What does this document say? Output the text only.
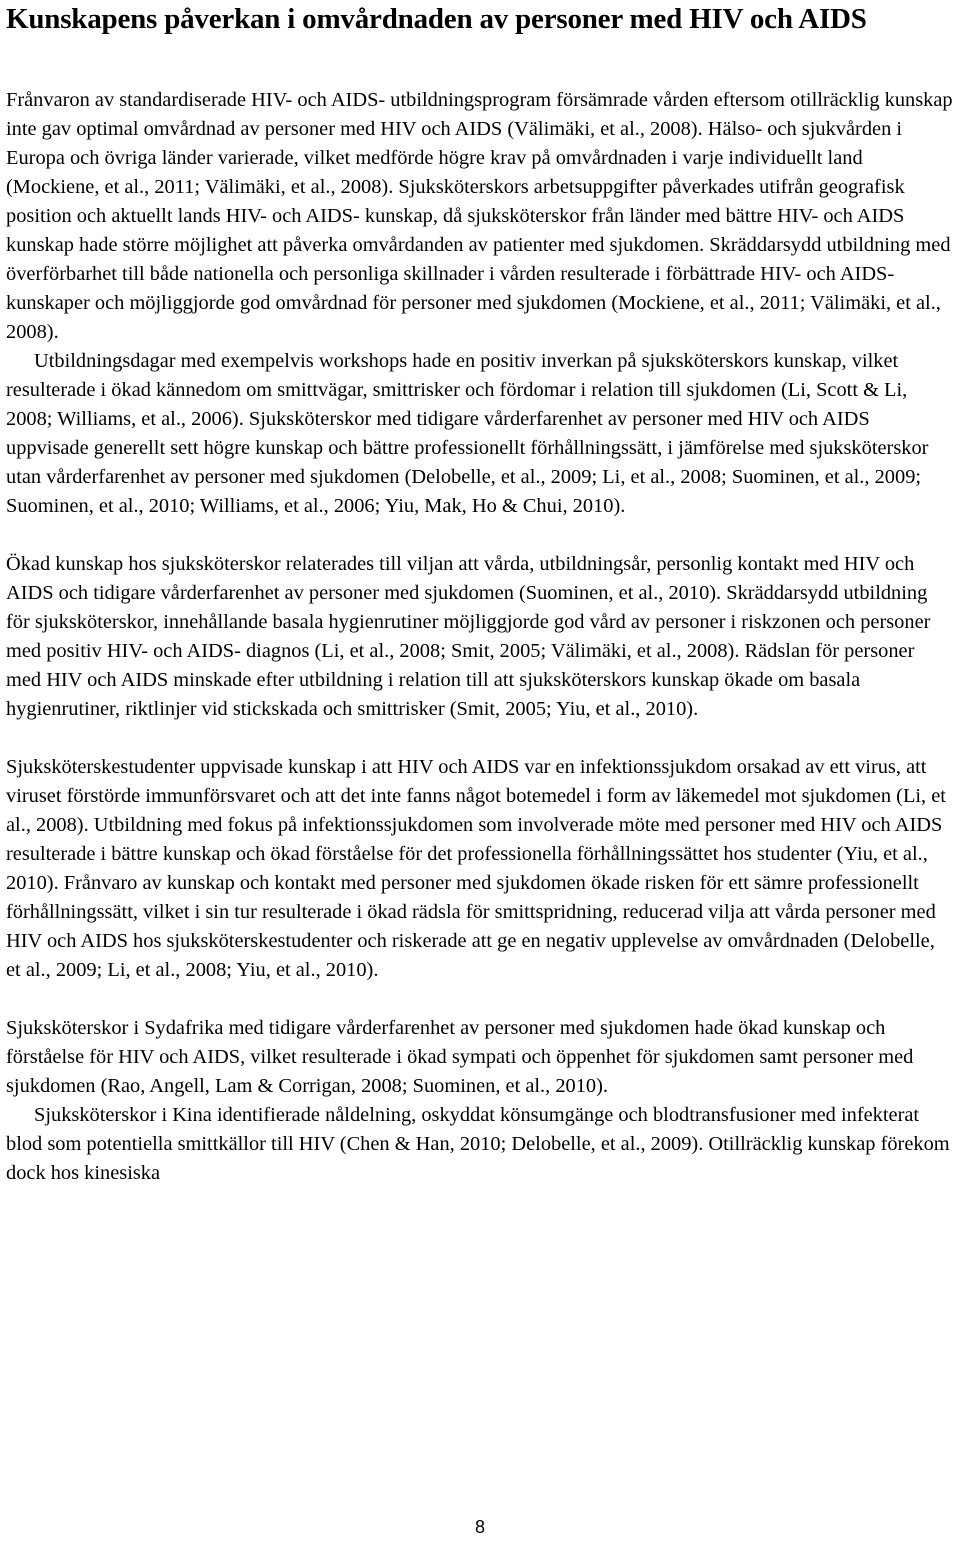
Kunskapens påverkan i omvårdnaden av personer med HIV och AIDS

Frånvaron av standardiserade HIV- och AIDS- utbildningsprogram försämrade vården eftersom otillräcklig kunskap inte gav optimal omvårdnad av personer med HIV och AIDS (Välimäki, et al., 2008). Hälso- och sjukvården i Europa och övriga länder varierade, vilket medförde högre krav på omvårdnaden i varje individuellt land (Mockiene, et al., 2011; Välimäki, et al., 2008). Sjuksköterskors arbetsuppgifter påverkades utifrån geografisk position och aktuellt lands HIV- och AIDS- kunskap, då sjuksköterskor från länder med bättre HIV- och AIDS kunskap hade större möjlighet att påverka omvårdanden av patienter med sjukdomen. Skräddarsydd utbildning med överförbarhet till både nationella och personliga skillnader i vården resulterade i förbättrade HIV- och AIDS- kunskaper och möjliggjorde god omvårdnad för personer med sjukdomen (Mockiene, et al., 2011; Välimäki, et al., 2008).

Utbildningsdagar med exempelvis workshops hade en positiv inverkan på sjuksköterskors kunskap, vilket resulterade i ökad kännedom om smittvägar, smittrisker och fördomar i relation till sjukdomen (Li, Scott & Li, 2008; Williams, et al., 2006). Sjuksköterskor med tidigare vårderfarenhet av personer med HIV och AIDS uppvisade generellt sett högre kunskap och bättre professionellt förhållningssätt, i jämförelse med sjuksköterskor utan vårderfarenhet av personer med sjukdomen (Delobelle, et al., 2009; Li, et al., 2008; Suominen, et al., 2009; Suominen, et al., 2010; Williams, et al., 2006; Yiu, Mak, Ho & Chui, 2010).

Ökad kunskap hos sjuksköterskor relaterades till viljan att vårda, utbildningsår, personlig kontakt med HIV och AIDS och tidigare vårderfarenhet av personer med sjukdomen (Suominen, et al., 2010). Skräddarsydd utbildning för sjuksköterskor, innehållande basala hygienrutiner möjliggjorde god vård av personer i riskzonen och personer med positiv HIV- och AIDS- diagnos (Li, et al., 2008; Smit, 2005; Välimäki, et al., 2008). Rädslan för personer med HIV och AIDS minskade efter utbildning i relation till att sjuksköterskors kunskap ökade om basala hygienrutiner, riktlinjer vid stickskada och smittrisker (Smit, 2005; Yiu, et al., 2010).

Sjuksköterskestudenter uppvisade kunskap i att HIV och AIDS var en infektionssjukdom orsakad av ett virus, att viruset förstörde immunförsvaret och att det inte fanns något botemedel i form av läkemedel mot sjukdomen (Li, et al., 2008). Utbildning med fokus på infektionssjukdomen som involverade möte med personer med HIV och AIDS resulterade i bättre kunskap och ökad förståelse för det professionella förhållningssättet hos studenter (Yiu, et al., 2010). Frånvaro av kunskap och kontakt med personer med sjukdomen ökade risken för ett sämre professionellt förhållningssätt, vilket i sin tur resulterade i ökad rädsla för smittspridning, reducerad vilja att vårda personer med HIV och AIDS hos sjuksköterskestudenter och riskerade att ge en negativ upplevelse av omvårdnaden (Delobelle, et al., 2009; Li, et al., 2008; Yiu, et al., 2010).

Sjuksköterskor i Sydafrika med tidigare vårderfarenhet av personer med sjukdomen hade ökad kunskap och förståelse för HIV och AIDS, vilket resulterade i ökad sympati och öppenhet för sjukdomen samt personer med sjukdomen (Rao, Angell, Lam & Corrigan, 2008; Suominen, et al., 2010).

Sjuksköterskor i Kina identifierade nåldelning, oskyddat könsumgänge och blodtransfusioner med infekterat blod som potentiella smittkällor till HIV (Chen & Han, 2010; Delobelle, et al., 2009). Otillräcklig kunskap förekom dock hos kinesiska

8
